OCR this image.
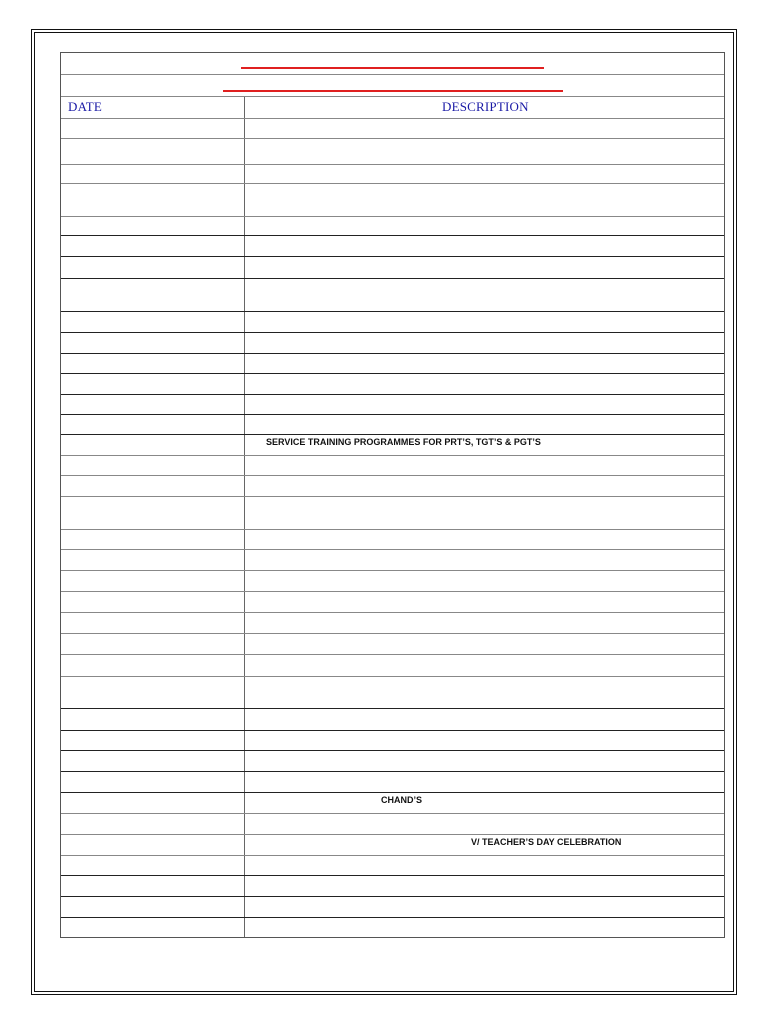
DATE	DESCRIPTION
SERVICE TRAINING PROGRAMMES FOR PRT’S, TGT’S & PGT’S
CHAND’S
V/ TEACHER’S DAY CELEBRATION
